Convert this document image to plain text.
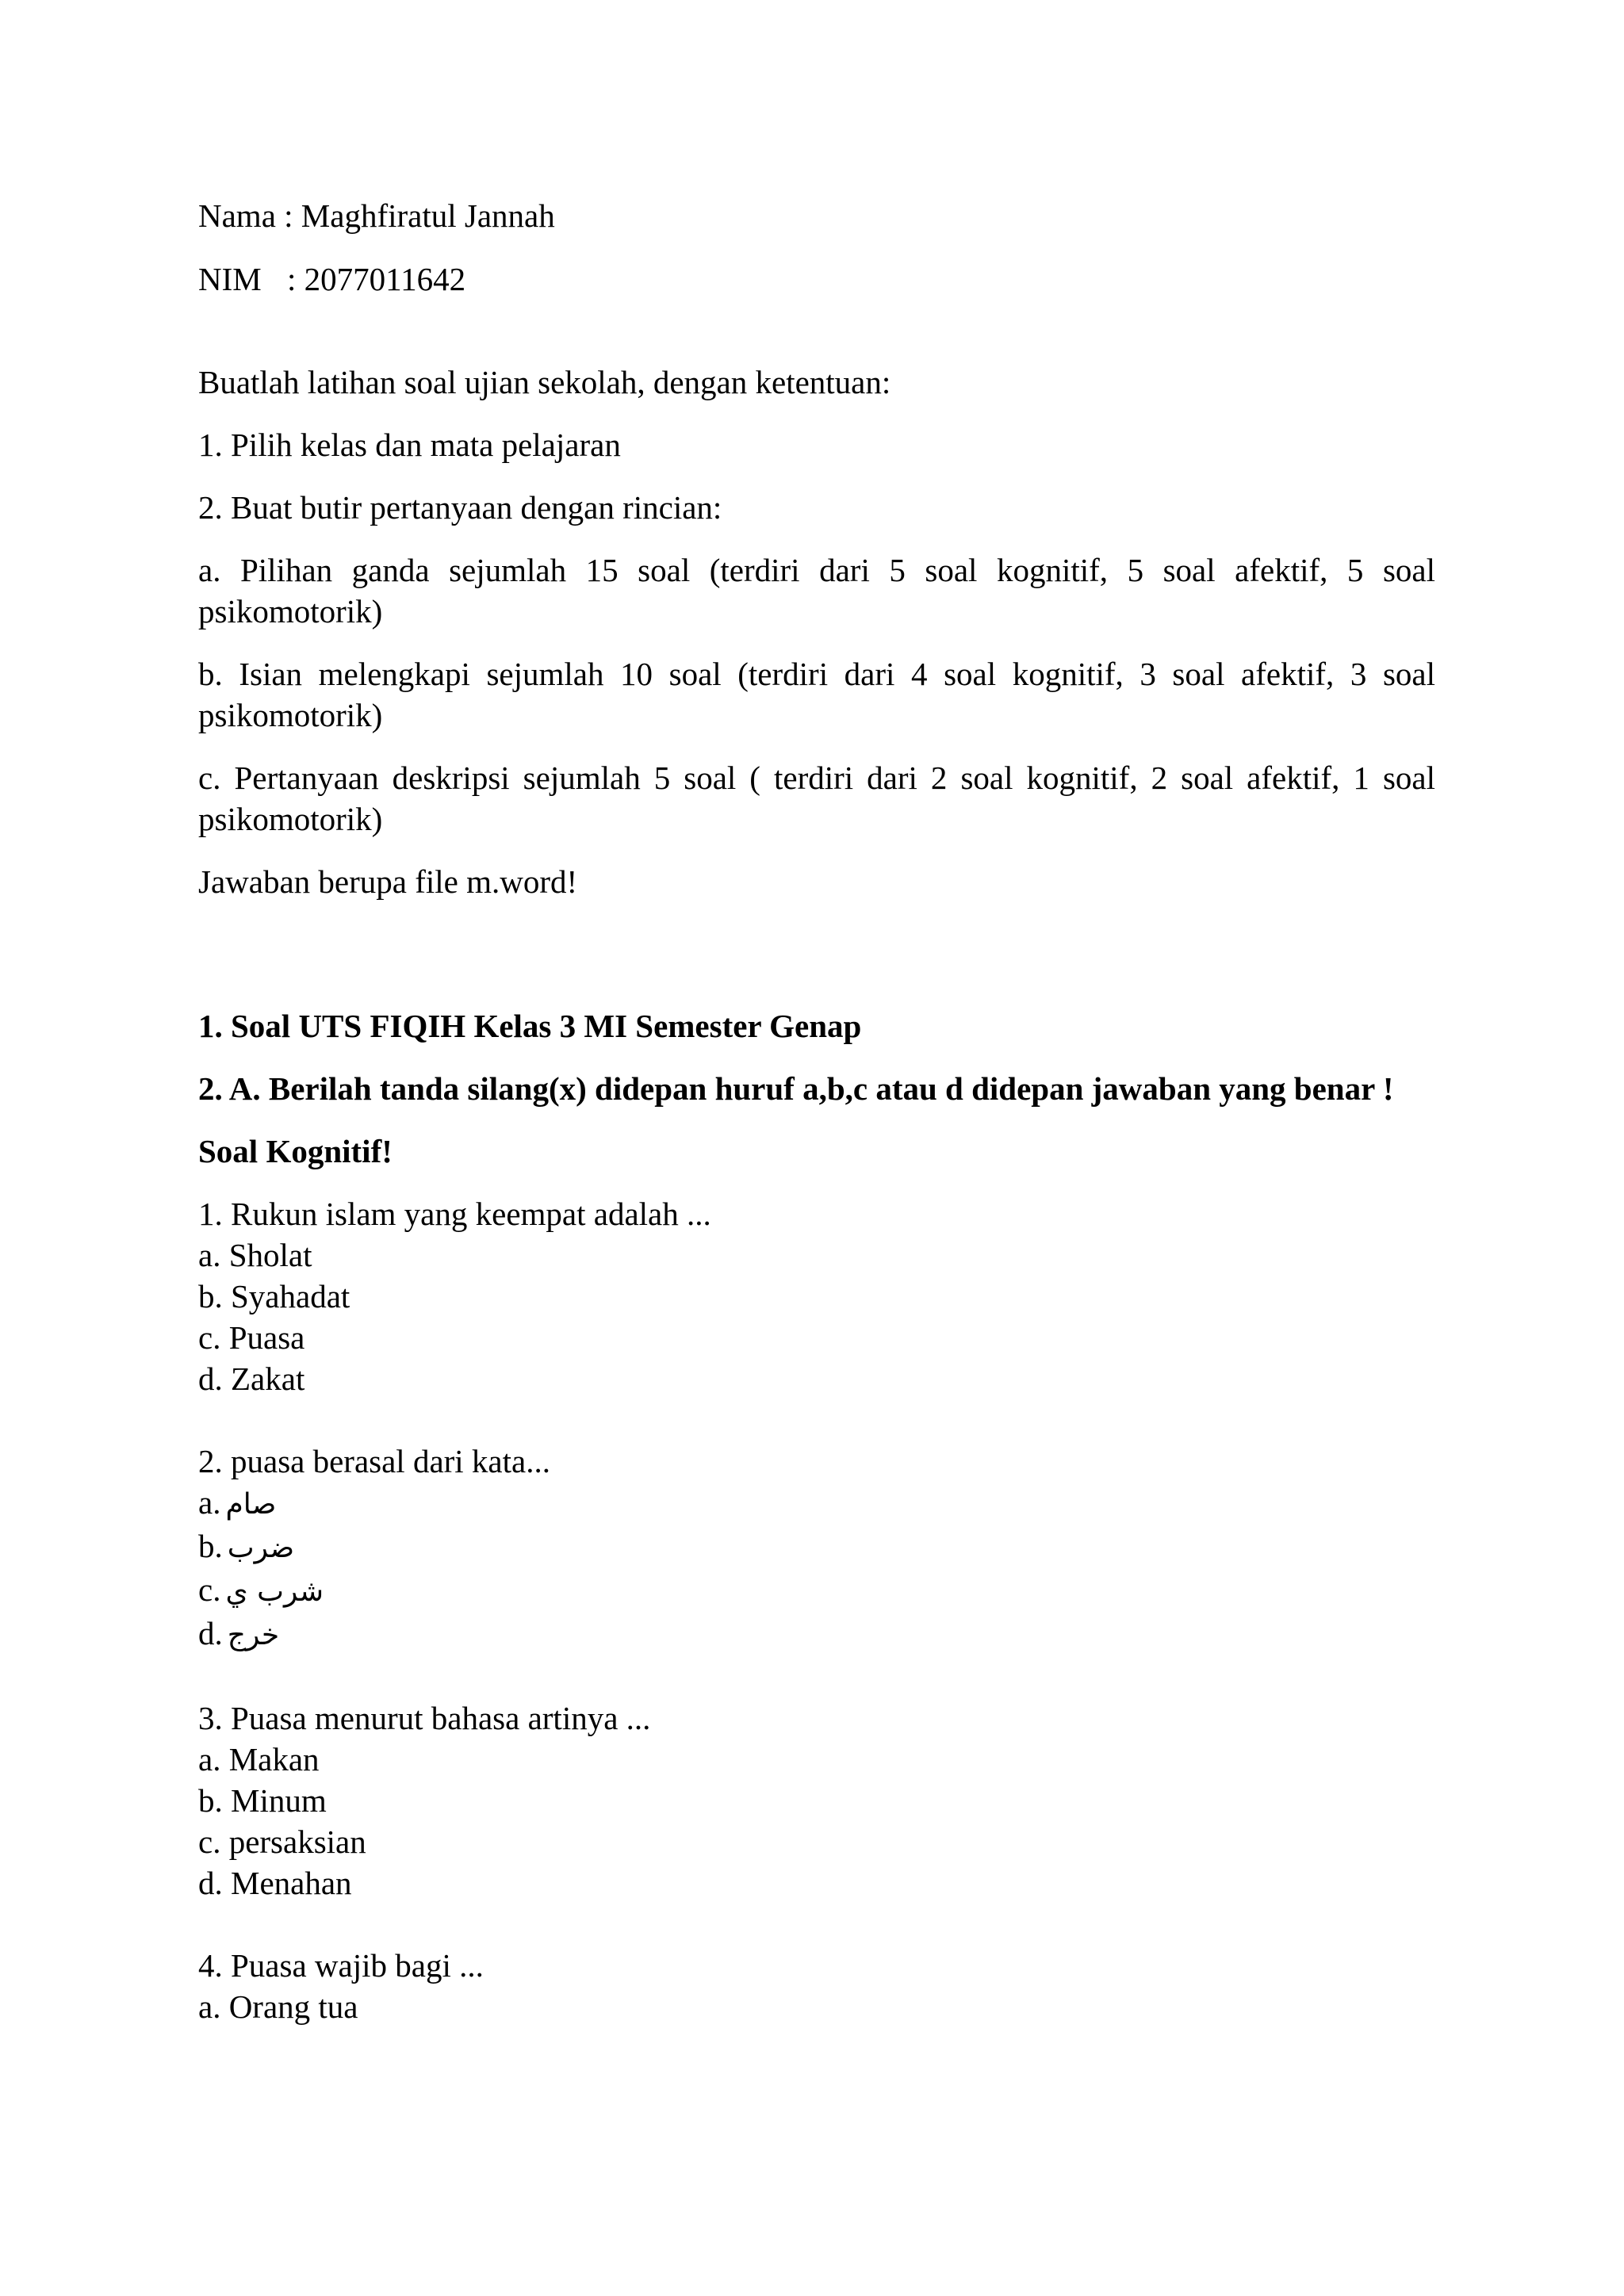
Nama : Maghfiratul Jannah

NIM : 2077011642

Buatlah latihan soal ujian sekolah, dengan ketentuan:

1. Pilih kelas dan mata pelajaran

2. Buat butir pertanyaan dengan rincian:

a. Pilihan ganda sejumlah 15 soal (terdiri dari 5 soal kognitif, 5 soal afektif, 5 soal psikomotorik)

b. Isian melengkapi sejumlah 10 soal (terdiri dari 4 soal kognitif, 3 soal afektif, 3 soal psikomotorik)

c. Pertanyaan deskripsi sejumlah 5 soal ( terdiri dari 2 soal kognitif, 2 soal afektif, 1 soal psikomotorik)

Jawaban berupa file m.word!

1. Soal UTS FIQIH Kelas 3 MI Semester Genap

2. A. Berilah tanda silang(x) didepan huruf a,b,c atau d didepan jawaban yang benar !

Soal Kognitif!

1. Rukun islam yang keempat adalah ...

a. Sholat

b. Syahadat

c. Puasa

d. Zakat

2. puasa berasal dari kata...

a. صام

b. ضرب

c. شرب ي

d. خرج

3. Puasa menurut bahasa artinya ...

a. Makan

b. Minum

c. persaksian

d. Menahan

4. Puasa wajib bagi ...

a. Orang tua
